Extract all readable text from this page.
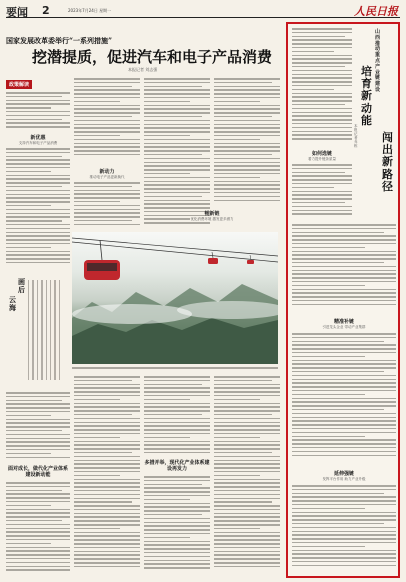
要闻 2	2023年7月24日 星期一	人民日报
国家发展改革委举行“一系列措施”
挖潜提质，促进汽车和电子产品消费
本报记者 刘志强
政策解读
新优惠
支持汽车和电子产品消费
新动力
推动电子产品更新换代
畅新链
优化消费环境 激发更多潜力
画后
云海
面对成长，做代化产业体系建设新动能
多措并举，现代化产业体系建设再发力
山西推动重点产业链建设
培育新动能
本报记者 乔栋
闯出新路径
如何选链
着力提升链条质量
精准补链
引进龙头企业 带动产业集群
延伸强链
发挥平台作用 助力产业升级
